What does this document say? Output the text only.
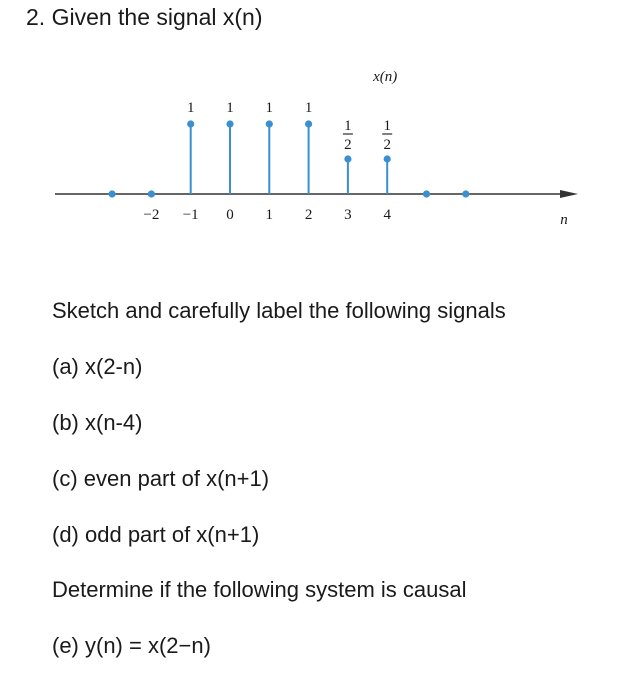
2. Given the signal x(n)
1 1 1 1
1
2
1
2
−2 −1 0 1 2 3 4
x(n)
n
Sketch and carefully label the following signals
(a) x(2-n)
(b) x(n-4)
(c) even part of x(n+1)
(d) odd part of x(n+1)
Determine if the following system is causal
(e) y(n) = x(2−n)
